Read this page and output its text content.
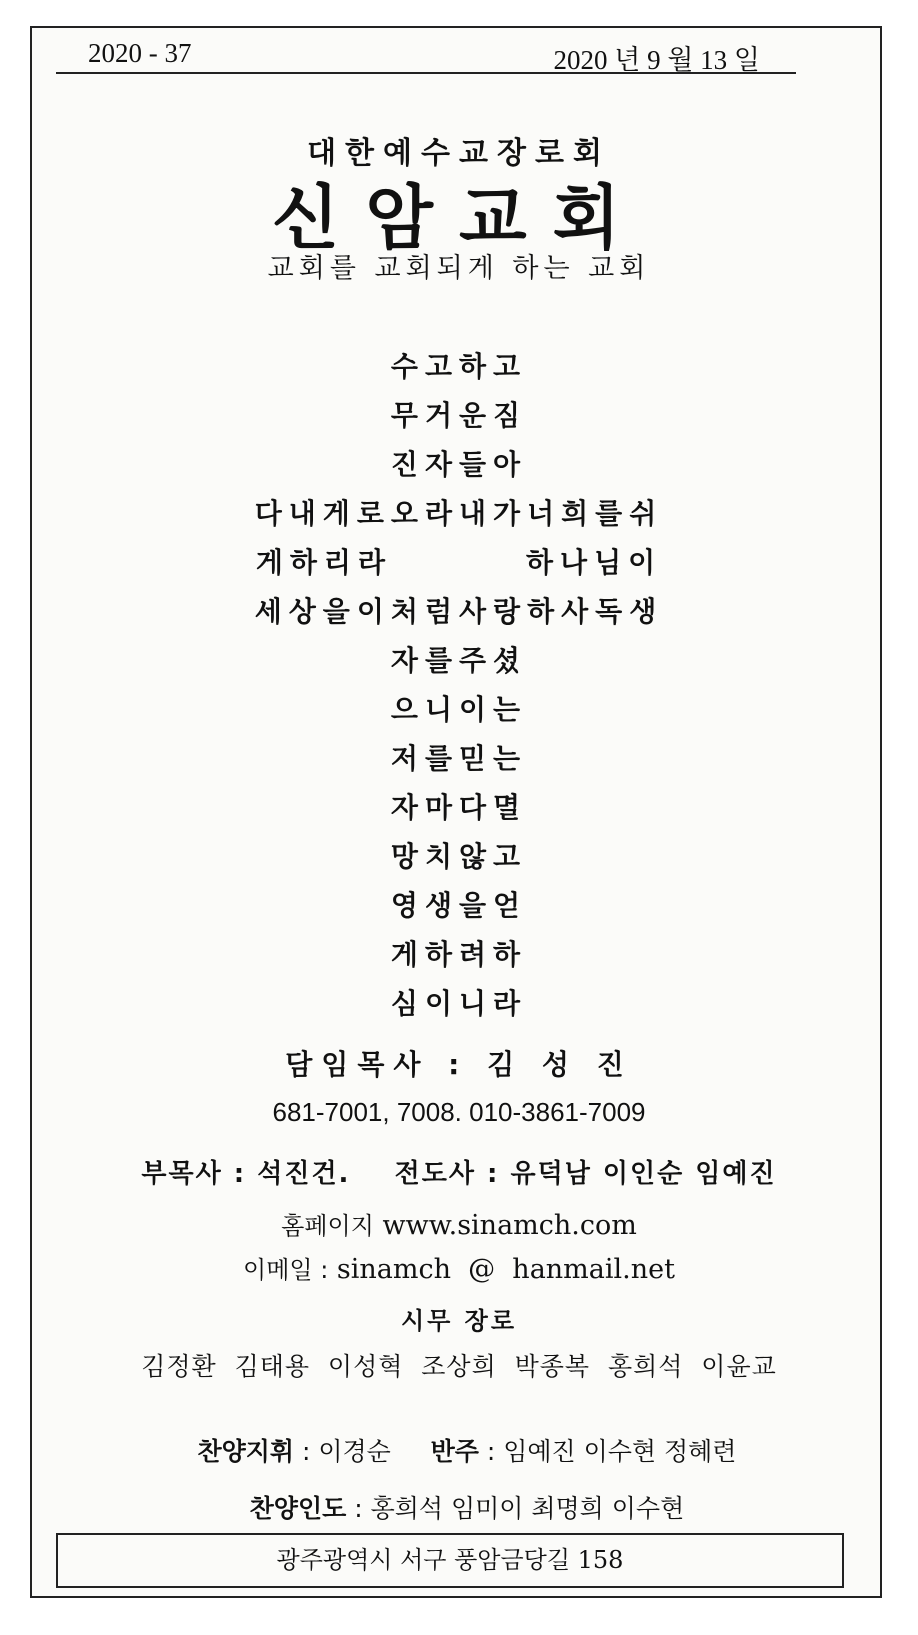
2020 - 37	2020 년 9 월 13 일
대한예수교장로회
신암교회
교회를 교회되게 하는 교회
수고하고
무거운짐
진자들아
다내게로오라내가너희를쉬
게하리라        하나님이
세상을이처럼사랑하사독생
자를주셨
으니이는
저를믿는
자마다멸
망치않고
영생을얻
게하려하
심이니라
담임목사 : 김 성 진
681-7001, 7008. 010-3861-7009
부목사 : 석진건.    전도사 : 유덕남 이인순 임예진
홈페이지 www.sinamch.com
이메일 : sinamch  @  hanmail.net
시무 장로
김정환  김태용  이성혁  조상희  박종복  홍희석  이윤교

찬양지휘 : 이경순     반주 : 임예진 이수현 정혜련

찬양인도 : 홍희석 임미이 최명희 이수현

광주광역시 서구 풍암금당길 158
